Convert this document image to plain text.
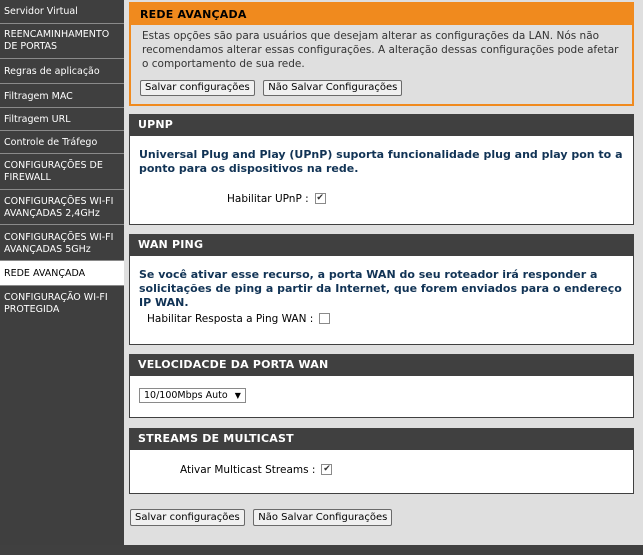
Servidor Virtual
REENCAMINHAMENTO DE PORTAS
Regras de aplicação
Filtragem MAC
Filtragem URL
Controle de Tráfego
CONFIGURAÇÕES DE FIREWALL
CONFIGURAÇÕES WI-FI AVANÇADAS 2,4GHz
CONFIGURAÇÕES WI-FI AVANÇADAS 5GHz
REDE AVANÇADA
CONFIGURAÇÃO WI-FI PROTEGIDA
REDE AVANÇADA
Estas opções são para usuários que desejam alterar as configurações da LAN. Nós não recomendamos alterar essas configurações. A alteração dessas configurações pode afetar o comportamento de sua rede.
Salvar configurações Não Salvar Configurações
UPNP
Universal Plug and Play (UPnP) suporta funcionalidade plug and play pon to a ponto para os dispositivos na rede.
Habilitar UPnP : ✔
WAN PING
Se você ativar esse recurso, a porta WAN do seu roteador irá responder a solicitações de ping a partir da Internet, que forem enviados para o endereço IP WAN.
Habilitar Resposta a Ping WAN :
VELOCIDACDE DA PORTA WAN
10/100Mbps Auto ▼
STREAMS DE MULTICAST
Ativar Multicast Streams : ✔
Salvar configurações Não Salvar Configurações
